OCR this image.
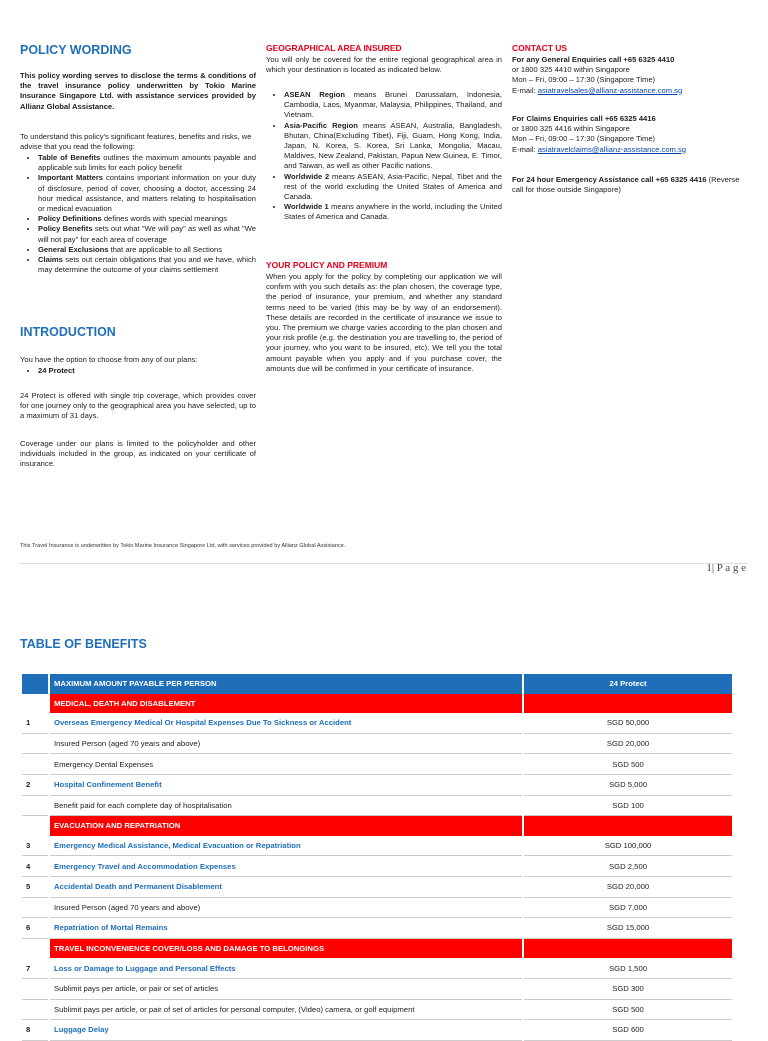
POLICY WORDING
This policy wording serves to disclose the terms & conditions of the travel insurance policy underwritten by Tokio Marine Insurance Singapore Ltd. with assistance services provided by Allianz Global Assistance.
To understand this policy's significant features, benefits and risks, we advise that you read the following:
• Table of Benefits outlines the maximum amounts payable and applicable sub limits for each policy benefit
• Important Matters contains important information on your duty of disclosure, period of cover, choosing a doctor, accessing 24 hour medical assistance, and matters relating to hospitalisation or medical evacuation
• Policy Definitions defines words with special meanings
• Policy Benefits sets out what "We will pay" as well as what "We will not pay" for each area of coverage
• General Exclusions that are applicable to all Sections
• Claims sets out certain obligations that you and we have, which may determine the outcome of your claims settlement
INTRODUCTION
You have the option to choose from any of our plans:
• 24 Protect
24 Protect is offered with single trip coverage, which provides cover for one journey only to the geographical area you have selected, up to a maximum of 31 days.
Coverage under our plans is limited to the policyholder and other individuals included in the group, as indicated on your certificate of insurance.
GEOGRAPHICAL AREA INSURED
You will only be covered for the entire regional geographical area in which your destination is located as indicated below.
• ASEAN Region means Brunei Darussalam, Indonesia, Cambodia, Laos, Myanmar, Malaysia, Philippines, Thailand, and Vietnam.
• Asia-Pacific Region means ASEAN, Australia, Bangladesh, Bhutan, China(Excluding Tibet), Fiji, Guam, Hong Kong, India, Japan, N. Korea, S. Korea, Sri Lanka, Mongolia, Macau, Maldives, New Zealand, Pakistan, Papua New Guinea, E. Timor, and Taiwan, as well as other Pacific nations.
• Worldwide 2 means ASEAN, Asia-Pacific, Nepal, Tibet and the rest of the world excluding the United States of America and Canada.
• Worldwide 1 means anywhere in the world, including the United States of America and Canada.
YOUR POLICY AND PREMIUM
When you apply for the policy by completing our application we will confirm with you such details as: the plan chosen, the coverage type, the period of insurance, your premium, and whether any standard terms need to be varied (this may be by way of an endorsement). These details are recorded in the certificate of insurance we issue to you. The premium we charge varies according to the plan chosen and your risk profile (e.g. the destination you are travelling to, the period of your journey, who you want to be insured, etc). We tell you the total amount payable when you apply and if you purchase cover, the amounts due will be confirmed in your certificate of insurance.
CONTACT US
For any General Enquiries call +65 6325 4410
or 1800 325 4410 within Singapore
Mon – Fri, 09:00 – 17:30 (Singapore Time)
E-mail: asiatravelsales@allianz-assistance.com.sg
For Claims Enquiries call +65 6325 4416
or 1800 325 4416 within Singapore
Mon – Fri, 09:00 – 17:30 (Singapore Time)
E-mail: asiatravelclaims@allianz-assistance.com.sg
For 24 hour Emergency Assistance call +65 6325 4416 (Reverse call for those outside Singapore)
This Travel Insurance is underwritten by Tokio Marine Insurance Singapore Ltd, with services provided by Allianz Global Assistance.
1| P a g e
TABLE OF BENEFITS
	MAXIMUM AMOUNT PAYABLE PER PERSON	24 Protect
	MEDICAL, DEATH AND DISABLEMENT	
1	Overseas Emergency Medical Or Hospital Expenses Due To Sickness or Accident	SGD 50,000
	Insured Person (aged 70 years and above)	SGD 20,000
	Emergency Dental Expenses	SGD 500
2	Hospital Confinement Benefit	SGD 5,000
	Benefit paid for each complete day of hospitalisation	SGD 100
	EVACUATION AND REPATRIATION	
3	Emergency Medical Assistance, Medical Evacuation or Repatriation	SGD 100,000
4	Emergency Travel and Accommodation Expenses	SGD 2,500
5	Accidental Death and Permanent Disablement	SGD 20,000
	Insured Person (aged 70 years and above)	SGD 7,000
6	Repatriation of Mortal Remains	SGD 15,000
	TRAVEL INCONVENIENCE COVER/LOSS AND DAMAGE TO BELONGINGS	
7	Loss or Damage to Luggage and Personal Effects	SGD 1,500
	Sublimit pays per article, or pair or set of articles	SGD 300
	Sublimit pays per article, or pair of set of articles for personal computer, (Video) camera, or golf equipment	SGD 500
8	Luggage Delay	SGD 600
